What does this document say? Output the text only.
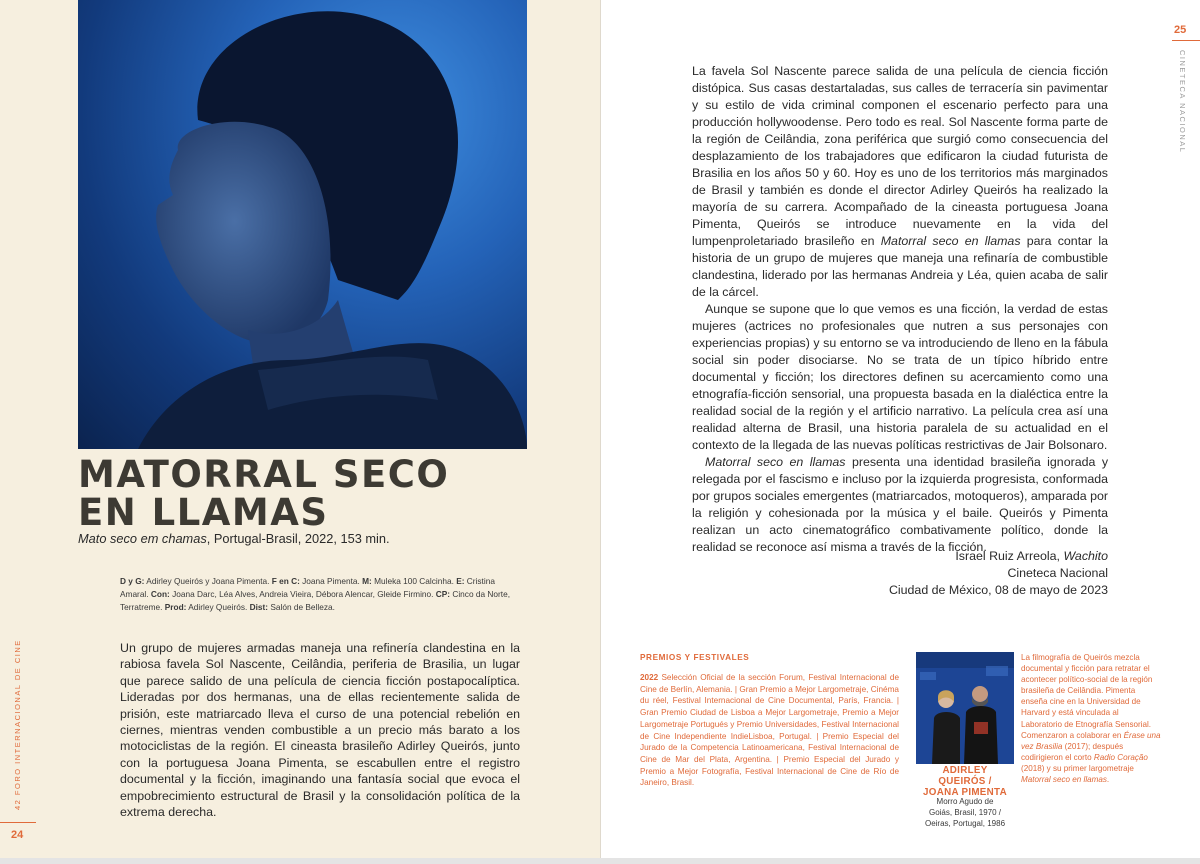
MATORRAL SECO
EN LLAMAS
Mato seco em chamas, Portugal-Brasil, 2022, 153 min.
D y G: Adirley Queirós y Joana Pimenta. F en C: Joana Pimenta. M: Muleka 100 Calcinha. E: Cristina Amaral. Con: Joana Darc, Léa Alves, Andreia Vieira, Débora Alencar, Gleide Firmino. CP: Cinco da Norte, Terratreme. Prod: Adirley Queirós. Dist: Salón de Belleza.
Un grupo de mujeres armadas maneja una refinería clandestina en la rabiosa favela Sol Nascente, Ceilândia, periferia de Brasilia, un lugar que parece salido de una película de ciencia ficción postapocalíptica. Lideradas por dos hermanas, una de ellas recientemente salida de prisión, este matriarcado lleva el curso de una potencial rebelión en ciernes, mientras venden combustible a un precio más barato a los motociclistas de la región. El cineasta brasileño Adirley Queirós, junto con la portuguesa Joana Pimenta, se escabullen entre el registro documental y la ficción, imaginando una fantasía social que evoca el empobrecimiento estructural de Brasil y la consolidación política de la extrema derecha.
42 FORO INTERNACIONAL DE CINE
24
25
CINETECA NACIONAL

La favela Sol Nascente parece salida de una película de ciencia ficción distópica. Sus casas destartaladas, sus calles de terracería sin pavimentar y su estilo de vida criminal componen el escenario perfecto para una producción hollywoodense. Pero todo es real. Sol Nascente forma parte de la región de Ceilândia, zona periférica que surgió como consecuencia del desplazamiento de los trabajadores que edificaron la ciudad futurista de Brasilia en los años 50 y 60. Hoy es uno de los territorios más marginados de Brasil y también es donde el director Adirley Queirós ha realizado la mayoría de su carrera. Acompañado de la cineasta portuguesa Joana Pimenta, Queirós se introduce nuevamente en la vida del lumpenproletariado brasileño en Matorral seco en llamas para contar la historia de un grupo de mujeres que maneja una refinaría de combustible clandestina, liderado por las hermanas Andreia y Léa, quien acaba de salir de la cárcel.

Aunque se supone que lo que vemos es una ficción, la verdad de estas mujeres (actrices no profesionales que nutren a sus personajes con experiencias propias) y su entorno se va introduciendo de lleno en la fábula social sin poder disociarse. No se trata de un típico híbrido entre documental y ficción; los directores definen su acercamiento como una etnografía-ficción sensorial, una propuesta basada en la dialéctica entre la realidad social de la región y el artificio narrativo. La película crea así una realidad alterna de Brasil, una historia paralela de su actualidad en el contexto de la llegada de las nuevas políticas restrictivas de Jair Bolsonaro.

Matorral seco en llamas presenta una identidad brasileña ignorada y relegada por el fascismo e incluso por la izquierda progresista, conformada por grupos sociales emergentes (matriarcados, motoqueros), amparada por la religión y cohesionada por la música y el baile. Queirós y Pimenta realizan un acto cinematográfico combativamente político, donde la realidad se reconoce así misma a través de la ficción.

Israel Ruiz Arreola, Wachito
Cineteca Nacional
Ciudad de México, 08 de mayo de 2023
PREMIOS Y FESTIVALES
2022 Selección Oficial de la sección Forum, Festival Internacional de Cine de Berlín, Alemania. | Gran Premio a Mejor Largometraje, Cinéma du réel, Festival Internacional de Cine Documental, París, Francia. | Gran Premio Ciudad de Lisboa a Mejor Largometraje, Premio a Mejor Largometraje Portugués y Premio Universidades, Festival Internacional de Cine Independiente IndieLisboa, Portugal. | Premio Especial del Jurado de la Competencia Latinoamericana, Festival Internacional de Cine de Mar del Plata, Argentina. | Premio Especial del Jurado y Premio a Mejor Fotografía, Festival Internacional de Cine de Río de Janeiro, Brasil.
ADIRLEY
QUEIRÓS /
JOANA PIMENTA
Morro Agudo de
Goiás, Brasil, 1970 /
Oeiras, Portugal, 1986
La filmografía de Queirós mezcla documental y ficción para retratar el acontecer político-social de la región brasileña de Ceilândia. Pimenta enseña cine en la Universidad de Harvard y está vinculada al Laboratorio de Etnografía Sensorial. Comenzaron a colaborar en Érase una vez Brasilia (2017); después codirigieron el corto Radio Coração (2018) y su primer largometraje Matorral seco en llamas.
